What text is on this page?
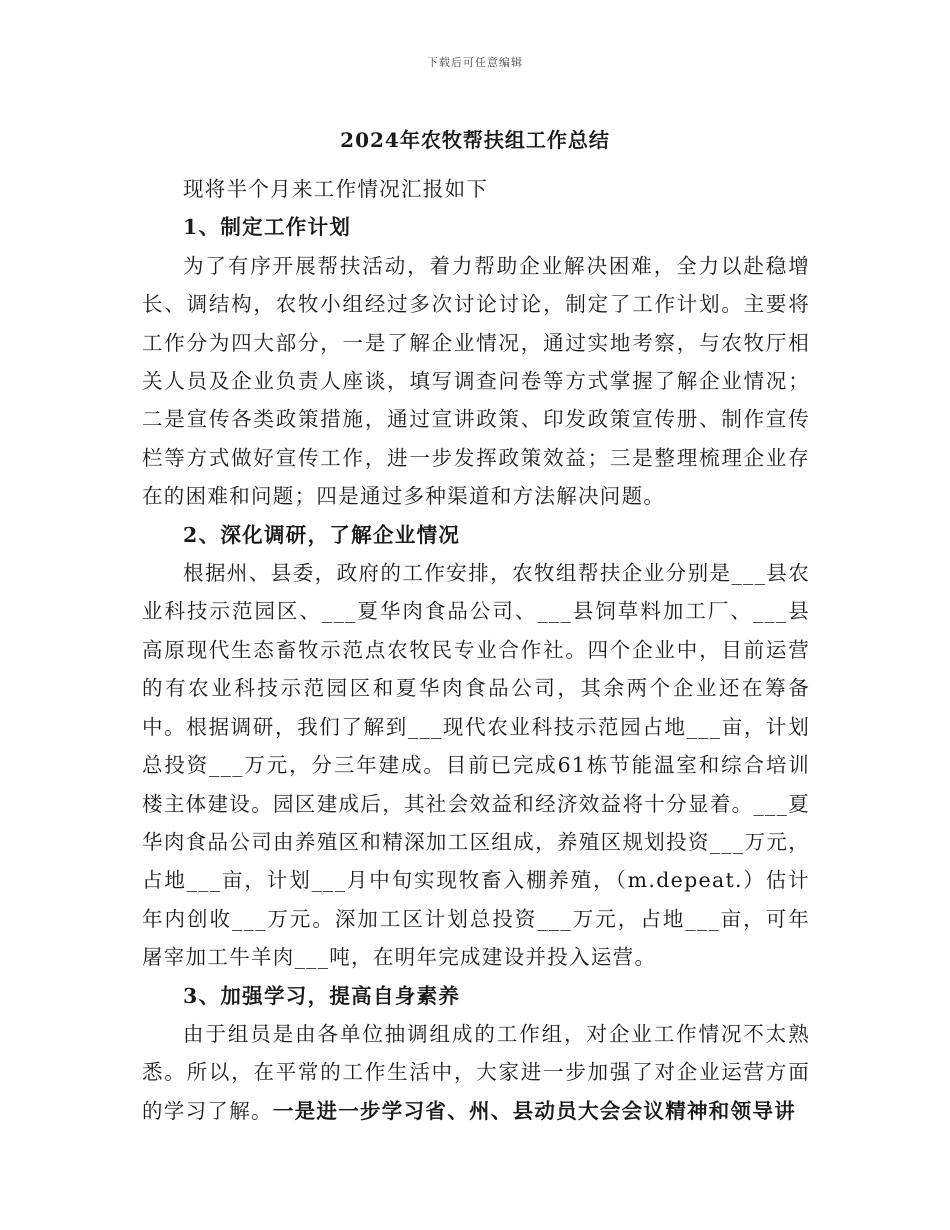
下载后可任意编辑
2024年农牧帮扶组工作总结

现将半个月来工作情况汇报如下

1、制定工作计划

为了有序开展帮扶活动，着力帮助企业解决困难，全力以赴稳增长、调结构，农牧小组经过多次讨论讨论，制定了工作计划。主要将工作分为四大部分，一是了解企业情况，通过实地考察，与农牧厅相关人员及企业负责人座谈，填写调查问卷等方式掌握了解企业情况；二是宣传各类政策措施，通过宣讲政策、印发政策宣传册、制作宣传栏等方式做好宣传工作，进一步发挥政策效益；三是整理梳理企业存在的困难和问题；四是通过多种渠道和方法解决问题。

2、深化调研，了解企业情况

根据州、县委，政府的工作安排，农牧组帮扶企业分别是___县农业科技示范园区、___夏华肉食品公司、___县饲草料加工厂、___县高原现代生态畜牧示范点农牧民专业合作社。四个企业中，目前运营的有农业科技示范园区和夏华肉食品公司，其余两个企业还在筹备中。根据调研，我们了解到___现代农业科技示范园占地___亩，计划总投资___万元，分三年建成。目前已完成61栋节能温室和综合培训楼主体建设。园区建成后，其社会效益和经济效益将十分显着。___夏华肉食品公司由养殖区和精深加工区组成，养殖区规划投资___万元，占地___亩，计划___月中旬实现牧畜入棚养殖，（m.depeat.）估计年内创收___万元。深加工区计划总投资___万元，占地___亩，可年屠宰加工牛羊肉___吨，在明年完成建设并投入运营。

3、加强学习，提高自身素养

由于组员是由各单位抽调组成的工作组，对企业工作情况不太熟悉。所以，在平常的工作生活中，大家进一步加强了对企业运营方面的学习了解。一是进一步学习省、州、县动员大会会议精神和领导讲
